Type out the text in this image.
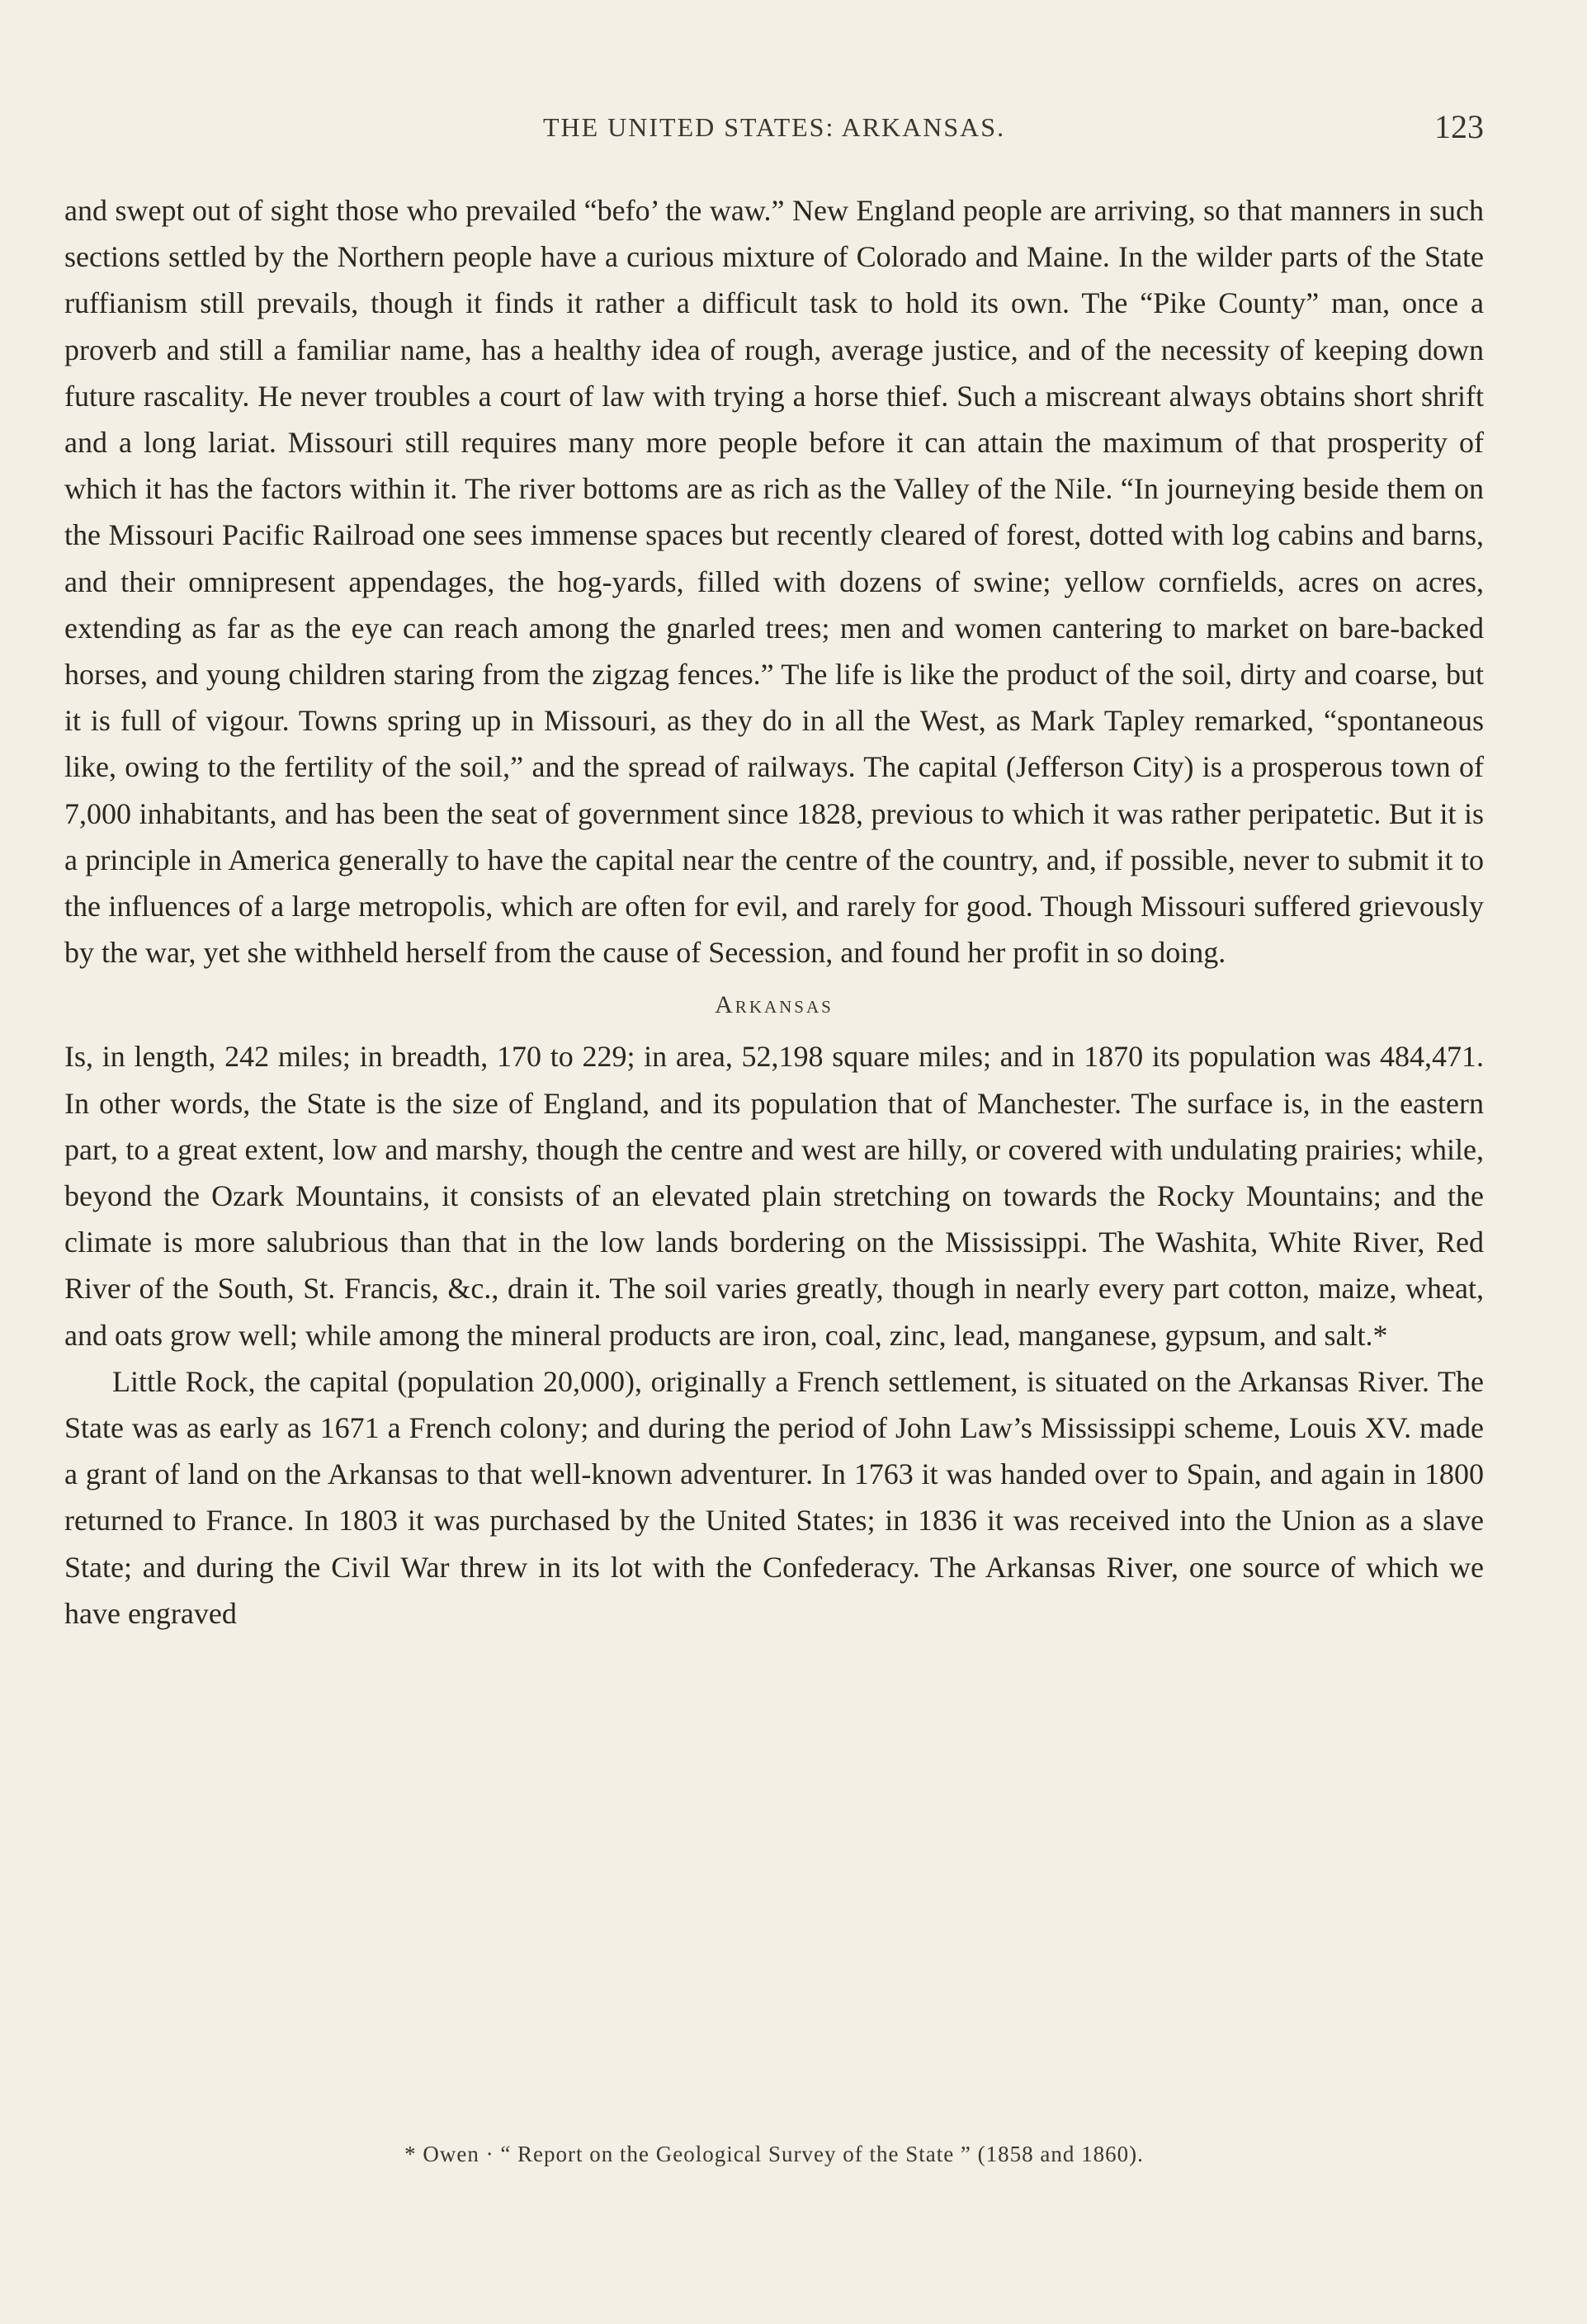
THE UNITED STATES: ARKANSAS.	123

and swept out of sight those who prevailed “befo’ the waw.” New England people are arriving, so that manners in such sections settled by the Northern people have a curious mixture of Colorado and Maine. In the wilder parts of the State ruffianism still prevails, though it finds it rather a difficult task to hold its own. The “Pike County” man, once a proverb and still a familiar name, has a healthy idea of rough, average justice, and of the necessity of keeping down future rascality. He never troubles a court of law with trying a horse thief. Such a miscreant always obtains short shrift and a long lariat. Missouri still requires many more people before it can attain the maximum of that prosperity of which it has the factors within it. The river bottoms are as rich as the Valley of the Nile. “In journeying beside them on the Missouri Pacific Railroad one sees immense spaces but recently cleared of forest, dotted with log cabins and barns, and their omnipresent appendages, the hog-yards, filled with dozens of swine; yellow cornfields, acres on acres, extending as far as the eye can reach among the gnarled trees; men and women cantering to market on bare-backed horses, and young children staring from the zigzag fences.” The life is like the product of the soil, dirty and coarse, but it is full of vigour. Towns spring up in Missouri, as they do in all the West, as Mark Tapley remarked, “spontaneous like, owing to the fertility of the soil,” and the spread of railways. The capital (Jefferson City) is a prosperous town of 7,000 inhabitants, and has been the seat of government since 1828, previous to which it was rather peripatetic. But it is a principle in America generally to have the capital near the centre of the country, and, if possible, never to submit it to the influences of a large metropolis, which are often for evil, and rarely for good. Though Missouri suffered grievously by the war, yet she withheld herself from the cause of Secession, and found her profit in so doing.

Arkansas

Is, in length, 242 miles; in breadth, 170 to 229; in area, 52,198 square miles; and in 1870 its population was 484,471. In other words, the State is the size of England, and its population that of Manchester. The surface is, in the eastern part, to a great extent, low and marshy, though the centre and west are hilly, or covered with undulating prairies; while, beyond the Ozark Mountains, it consists of an elevated plain stretching on towards the Rocky Mountains; and the climate is more salubrious than that in the low lands bordering on the Mississippi. The Washita, White River, Red River of the South, St. Francis, &c., drain it. The soil varies greatly, though in nearly every part cotton, maize, wheat, and oats grow well; while among the mineral products are iron, coal, zinc, lead, manganese, gypsum, and salt.*

Little Rock, the capital (population 20,000), originally a French settlement, is situated on the Arkansas River. The State was as early as 1671 a French colony; and during the period of John Law’s Mississippi scheme, Louis XV. made a grant of land on the Arkansas to that well-known adventurer. In 1763 it was handed over to Spain, and again in 1800 returned to France. In 1803 it was purchased by the United States; in 1836 it was received into the Union as a slave State; and during the Civil War threw in its lot with the Confederacy. The Arkansas River, one source of which we have engraved

* Owen · “ Report on the Geological Survey of the State ” (1858 and 1860).
